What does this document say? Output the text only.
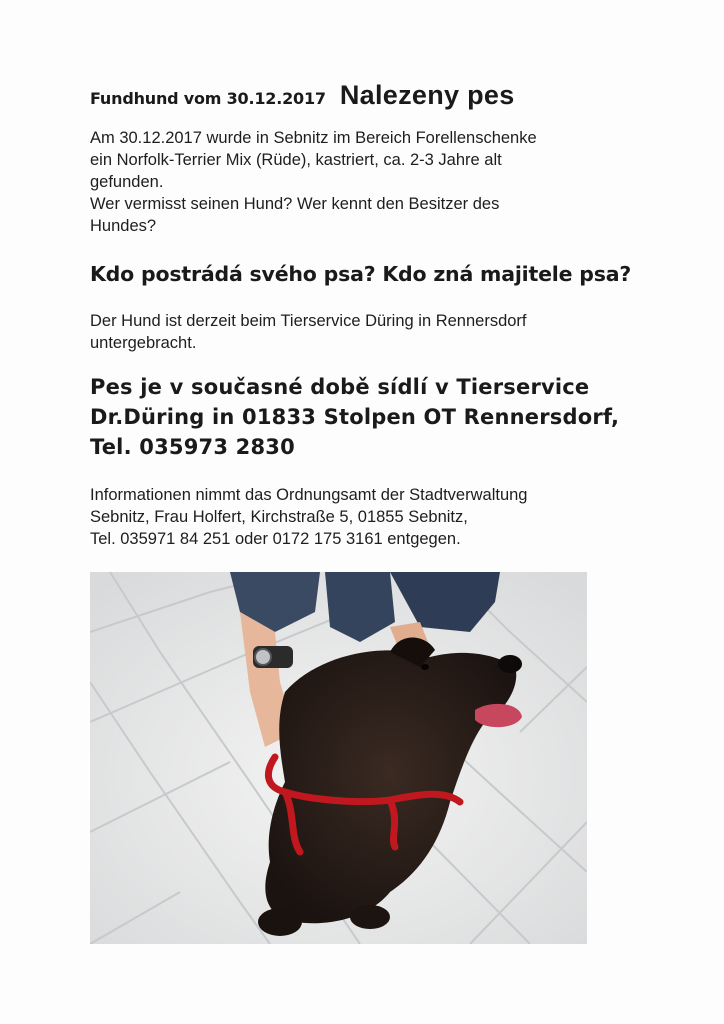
Fundhund vom 30.12.2017 Nalezeny pes
Am 30.12.2017 wurde in Sebnitz im Bereich Forellenschenke
ein Norfolk-Terrier Mix (Rüde), kastriert, ca. 2-3 Jahre alt
gefunden.
Wer vermisst seinen Hund? Wer kennt den Besitzer des
Hundes?
Kdo postrádá svého psa? Kdo zná majitele psa?
Der Hund ist derzeit beim Tierservice Düring in Rennersdorf
untergebracht.
Pes je v současné době sídlí v Tierservice
Dr.Düring in 01833 Stolpen OT Rennersdorf,
Tel. 035973 2830
Informationen nimmt das Ordnungsamt der Stadtverwaltung
Sebnitz, Frau Holfert, Kirchstraße 5, 01855 Sebnitz,
Tel. 035971 84 251 oder 0172 175 3161 entgegen.
